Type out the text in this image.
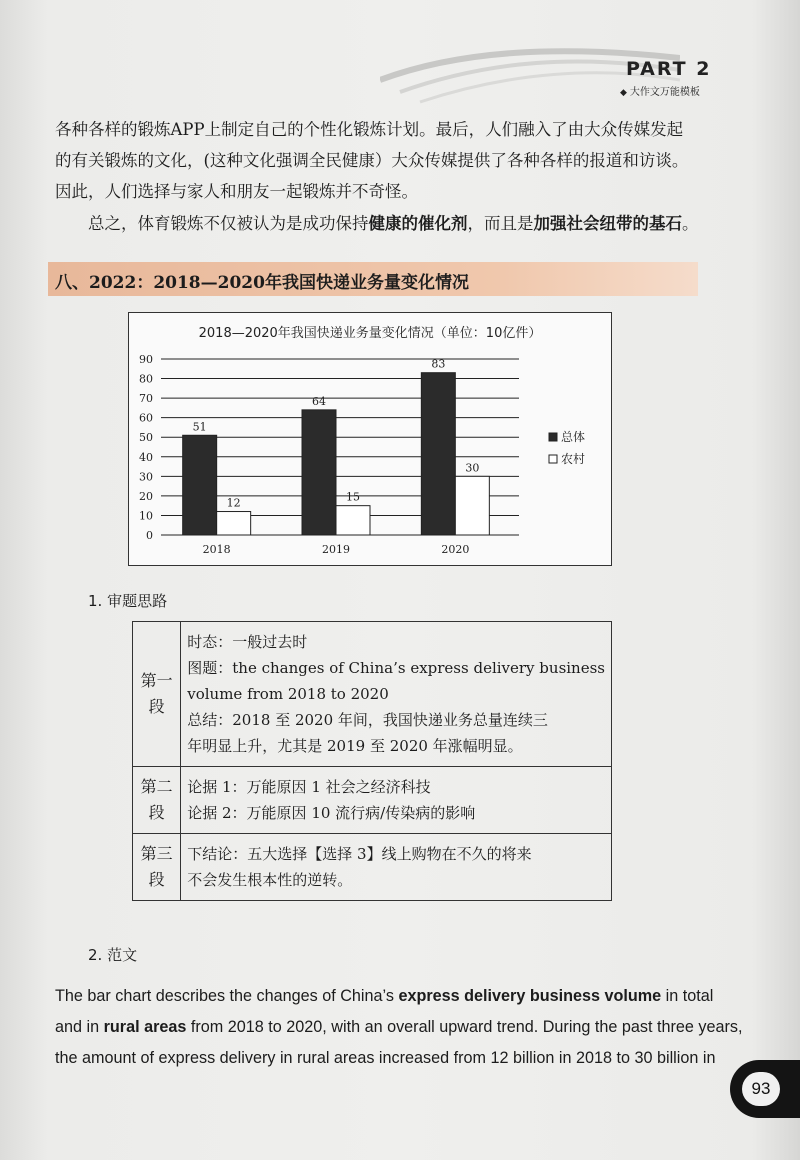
PART 2
◆ 大作文万能模板
各种各样的锻炼APP上制定自己的个性化锻炼计划。最后，人们融入了由大众传媒发起
的有关锻炼的文化，(这种文化强调全民健康）大众传媒提供了各种各样的报道和访谈。
因此，人们选择与家人和朋友一起锻炼并不奇怪。
总之，体育锻炼不仅被认为是成功保持健康的催化剂，而且是加强社会纽带的基石。
八、2022：2018—2020年我国快递业务量变化情况
2018—2020年我国快递业务量变化情况（单位：10亿件）
0
10
20
30
40
50
60
70
80
90
51
12
2018
64
15
2019
83
30
2020
总体
农村
1. 审题思路
第一段	时态：一般过去时
图题：the changes of China’s express delivery business
volume from 2018 to 2020
总结：2018 至 2020 年间，我国快递业务总量连续三
年明显上升，尤其是 2019 至 2020 年涨幅明显。

第二段	论据 1：万能原因 1 社会之经济科技
论据 2：万能原因 10 流行病/传染病的影响

第三段	下结论：五大选择【选择 3】线上购物在不久的将来
不会发生根本性的逆转。
2. 范文
The bar chart describes the changes of China’s express delivery business volume in total
and in rural areas from 2018 to 2020, with an overall upward trend. During the past three years,
the amount of express delivery in rural areas increased from 12 billion in 2018 to 30 billion in
93
